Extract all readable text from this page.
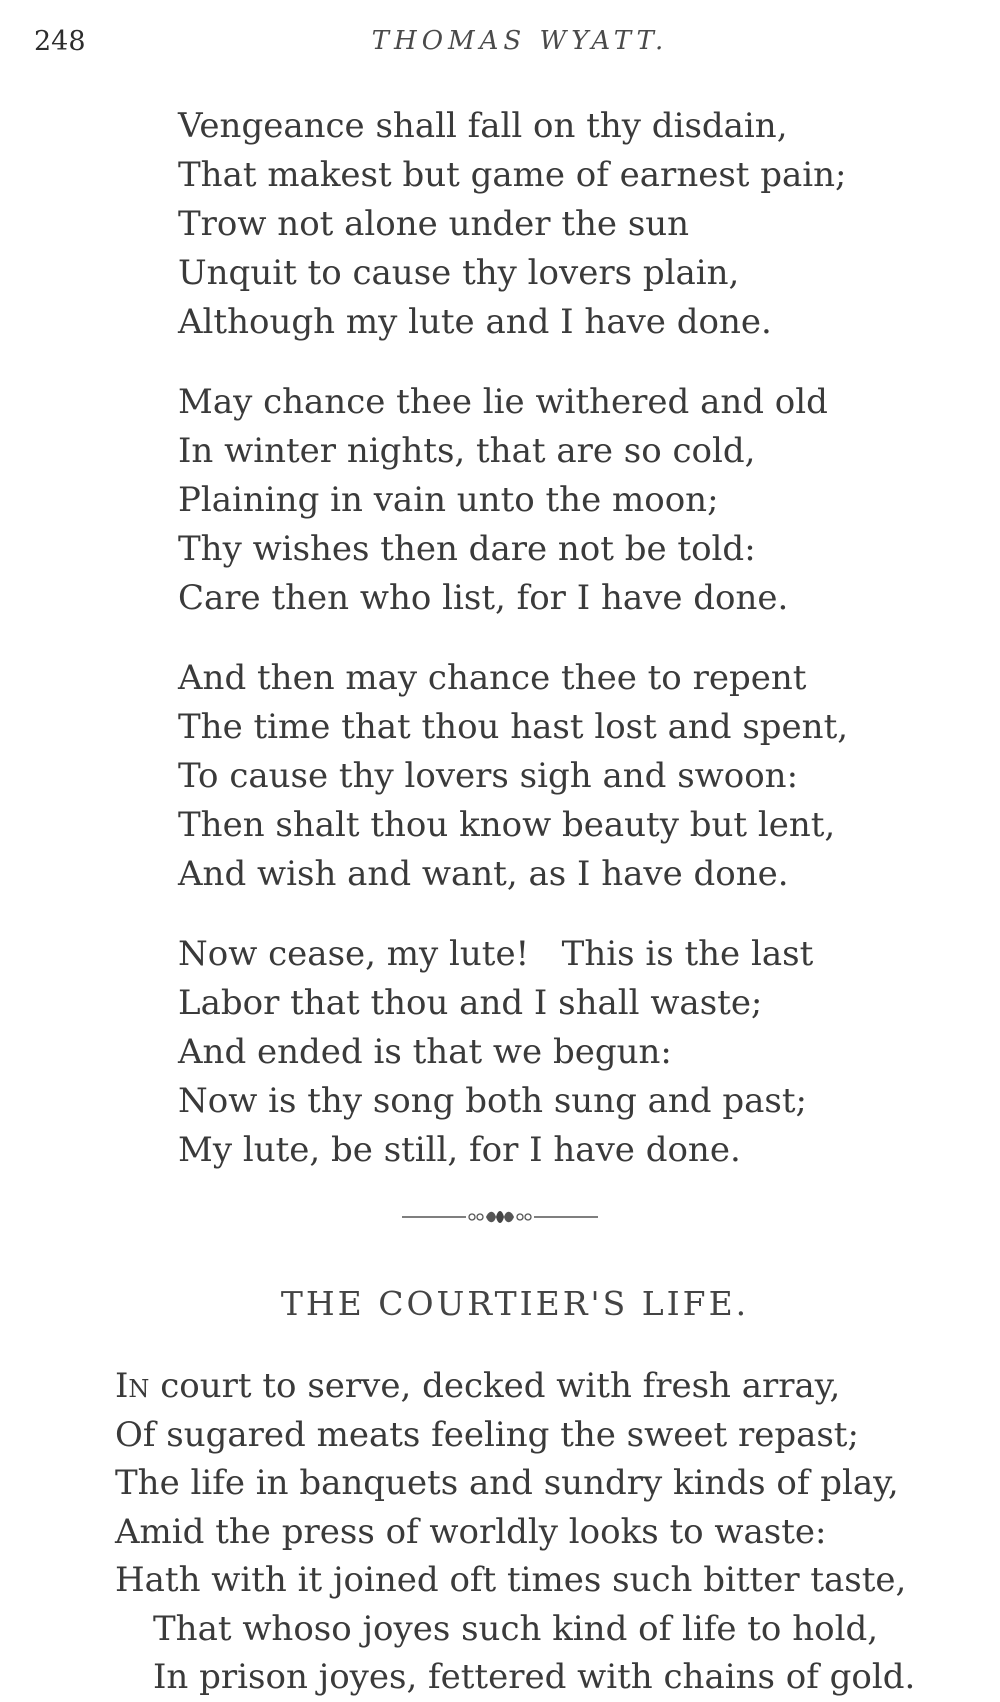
248	THOMAS WYATT.
Vengeance shall fall on thy disdain,
That makest but game of earnest pain;
Trow not alone under the sun
Unquit to cause thy lovers plain,
Although my lute and I have done.
May chance thee lie withered and old
In winter nights, that are so cold,
Plaining in vain unto the moon;
Thy wishes then dare not be told:
Care then who list, for I have done.
And then may chance thee to repent
The time that thou hast lost and spent,
To cause thy lovers sigh and swoon:
Then shalt thou know beauty but lent,
And wish and want, as I have done.
Now cease, my lute!   This is the last
Labor that thou and I shall waste;
And ended is that we begun:
Now is thy song both sung and past;
My lute, be still, for I have done.
THE COURTIER'S LIFE.
In court to serve, decked with fresh array,
Of sugared meats feeling the sweet repast;
The life in banquets and sundry kinds of play,
Amid the press of worldly looks to waste:
Hath with it joined oft times such bitter taste,
That whoso joyes such kind of life to hold,
In prison joyes, fettered with chains of gold.
